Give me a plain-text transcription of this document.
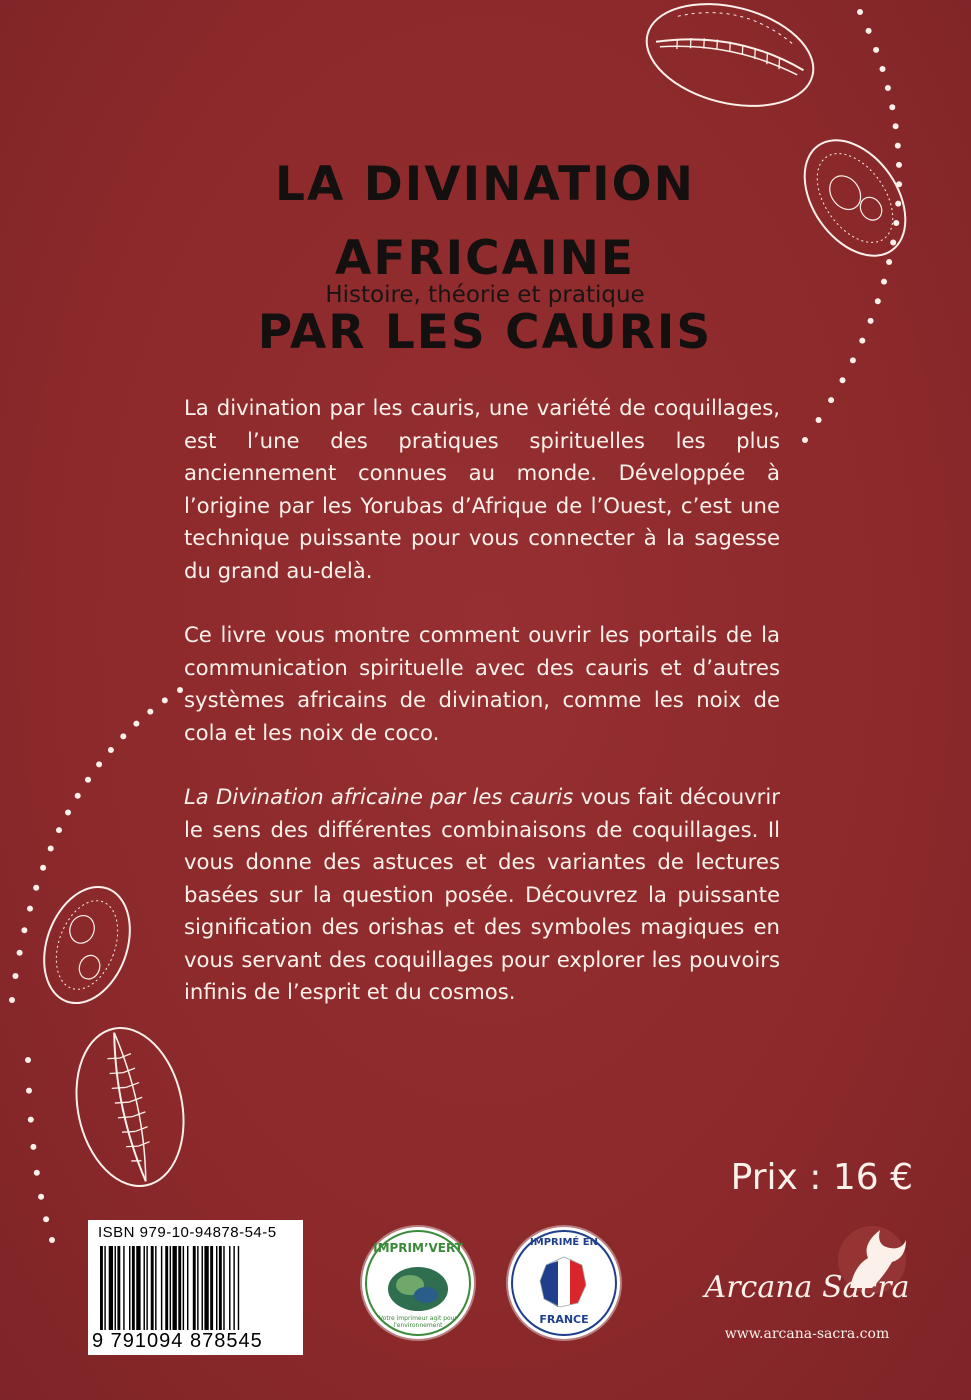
LA DIVINATION AFRICAINE
PAR LES CAURIS
Histoire, théorie et pratique

La divination par les cauris, une variété de coquillages, est l’une des pratiques spirituelles les plus anciennement connues au monde. Développée à l’origine par les Yorubas d’Afrique de l’Ouest, c’est une technique puissante pour vous connecter à la sagesse du grand au-delà.

Ce livre vous montre comment ouvrir les portails de la communication spirituelle avec des cauris et d’autres systèmes africains de divination, comme les noix de cola et les noix de coco.

La Divination africaine par les cauris vous fait découvrir le sens des différentes combinaisons de coquillages. Il vous donne des astuces et des variantes de lectures basées sur la question posée. Découvrez la puissante signification des orishas et des symboles magiques en vous servant des coquillages pour explorer les pouvoirs infinis de l’esprit et du cosmos.

Prix : 16 €
ISBN 979-10-94878-54-5
9 791094 878545
IMPRIM’VERT
Votre imprimeur agit pour l'environnement
IMPRIMÉ EN
FRANCE
Arcana Sacra
www.arcana-sacra.com
